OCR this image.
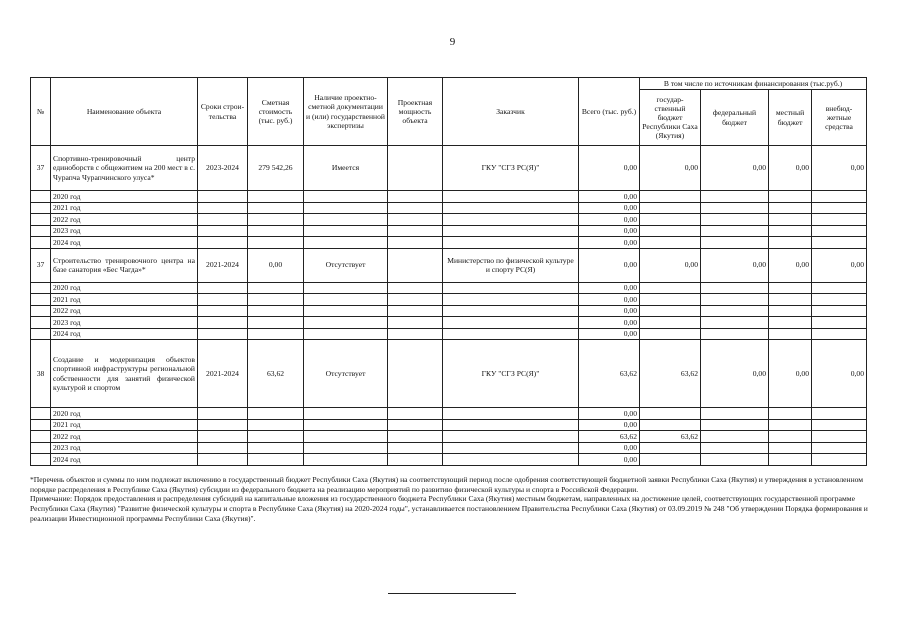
9
№	Наименование объекта	Сроки строи-тельства	Сметная стоимость (тыс. руб.)	Наличие проектно-сметной документации и (или) государственной экспертизы	Проектная мощность объекта	Заказчик	Всего (тыс. руб.)	В том числе по источникам финансирования (тыс.руб.)			
								государ-ственный бюджет Республики Саха (Якутия)	федеральный бюджет	местный бюджет	внебюд-жетные средства
37	Спортивно-тренировочный центр единоборств с общежитием на 200 мест в с. Чурапча Чурапчинского улуса*	2023-2024	279 542,26	Имеется		ГКУ "СГЗ РС(Я)"	0,00	0,00	0,00	0,00	0,00
	2020 год						0,00				
	2021 год						0,00				
	2022 год						0,00				
	2023 год						0,00				
	2024 год						0,00				
37	Строительство тренировочного центра на базе санатория «Бес Чагда»*	2021-2024	0,00	Отсутствует		Министерство по физической культуре и спорту РС(Я)	0,00	0,00	0,00	0,00	0,00
	2020 год						0,00				
	2021 год						0,00				
	2022 год						0,00				
	2023 год						0,00				
	2024 год						0,00				
38	Создание и модернизация объектов спортивной инфраструктуры региональной собственности для занятий физической культурой и спортом	2021-2024	63,62	Отсутствует		ГКУ "СГЗ РС(Я)"	63,62	63,62	0,00	0,00	0,00
	2020 год						0,00				
	2021 год						0,00				
	2022 год						63,62	63,62			
	2023 год						0,00				
	2024 год						0,00				

*Перечень объектов и суммы по ним подлежат включению в государственный бюджет Республики Саха (Якутия) на соответствующий период после одобрения соответствующей бюджетной заявки Республики Саха (Якутия) и утверждения в установленном порядке распределения в Республике Саха (Якутия) субсидии из федерального бюджета на реализацию мероприятий по развитию физической культуры и спорта в Российской Федерации.

Примечание: Порядок предоставления и распределения субсидий на капитальные вложения из государственного бюджета Республики Саха (Якутия) местным бюджетам, направленных на достижение целей, соответствующих государственной программе Республики Саха (Якутия) "Развитие физической культуры и спорта в Республике Саха (Якутия) на 2020-2024 годы", устанавливается постановлением Правительства Республики Саха (Якутия) от 03.09.2019 № 248 "Об утверждении Порядка формирования и реализации Инвестиционной программы Республики Саха (Якутия)".
